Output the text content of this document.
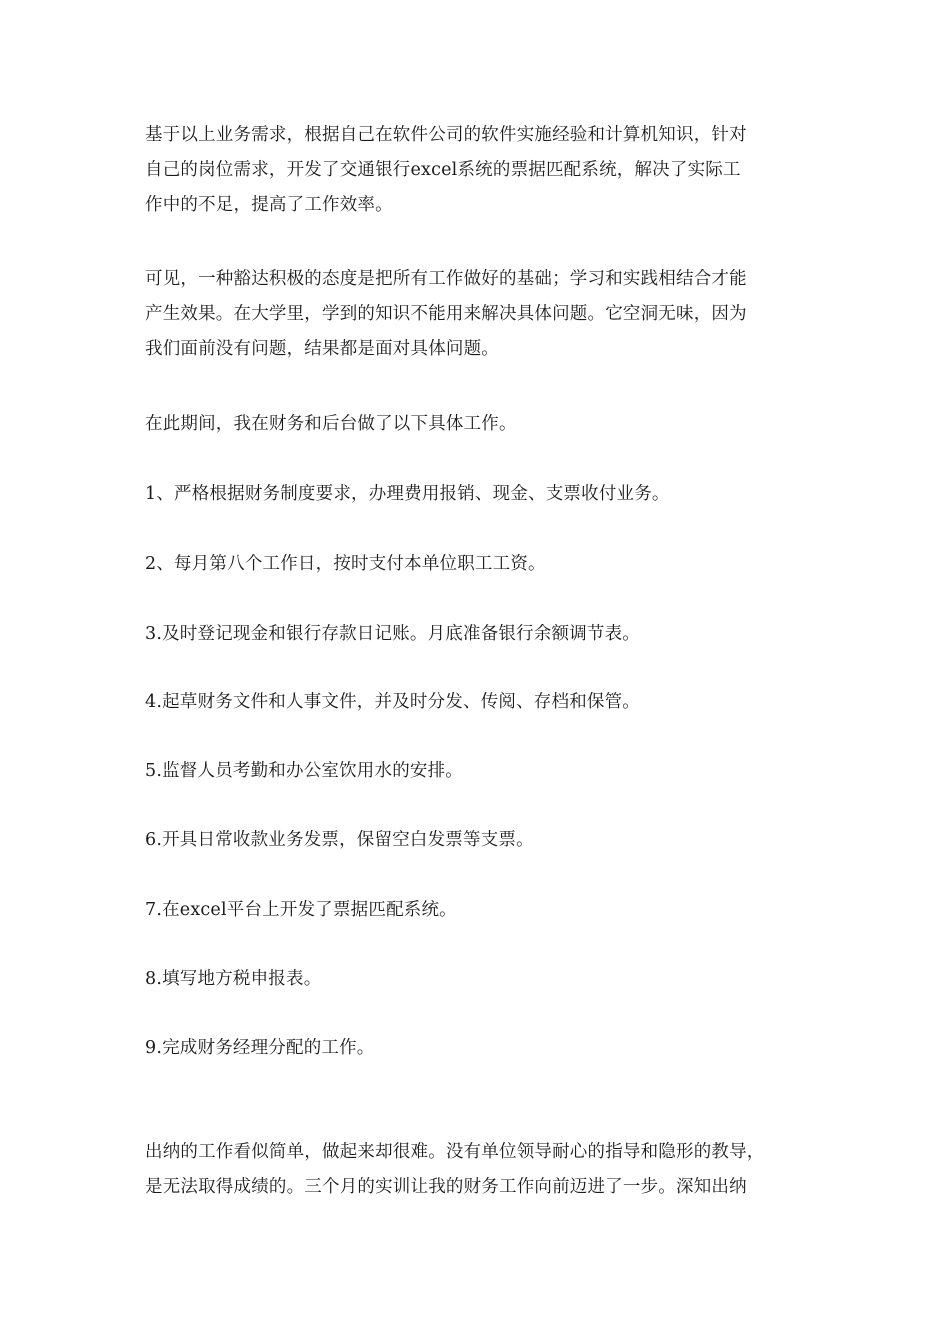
基于以上业务需求，根据自己在软件公司的软件实施经验和计算机知识，针对
自己的岗位需求，开发了交通银行excel系统的票据匹配系统，解决了实际工
作中的不足，提高了工作效率。

可见，一种豁达积极的态度是把所有工作做好的基础；学习和实践相结合才能
产生效果。在大学里，学到的知识不能用来解决具体问题。它空洞无味，因为
我们面前没有问题，结果都是面对具体问题。

在此期间，我在财务和后台做了以下具体工作。

1、严格根据财务制度要求，办理费用报销、现金、支票收付业务。

2、每月第八个工作日，按时支付本单位职工工资。

3.及时登记现金和银行存款日记账。月底准备银行余额调节表。

4.起草财务文件和人事文件，并及时分发、传阅、存档和保管。

5.监督人员考勤和办公室饮用水的安排。

6.开具日常收款业务发票，保留空白发票等支票。

7.在excel平台上开发了票据匹配系统。

8.填写地方税申报表。

9.完成财务经理分配的工作。

出纳的工作看似简单，做起来却很难。没有单位领导耐心的指导和隐形的教导，
是无法取得成绩的。三个月的实训让我的财务工作向前迈进了一步。深知出纳
